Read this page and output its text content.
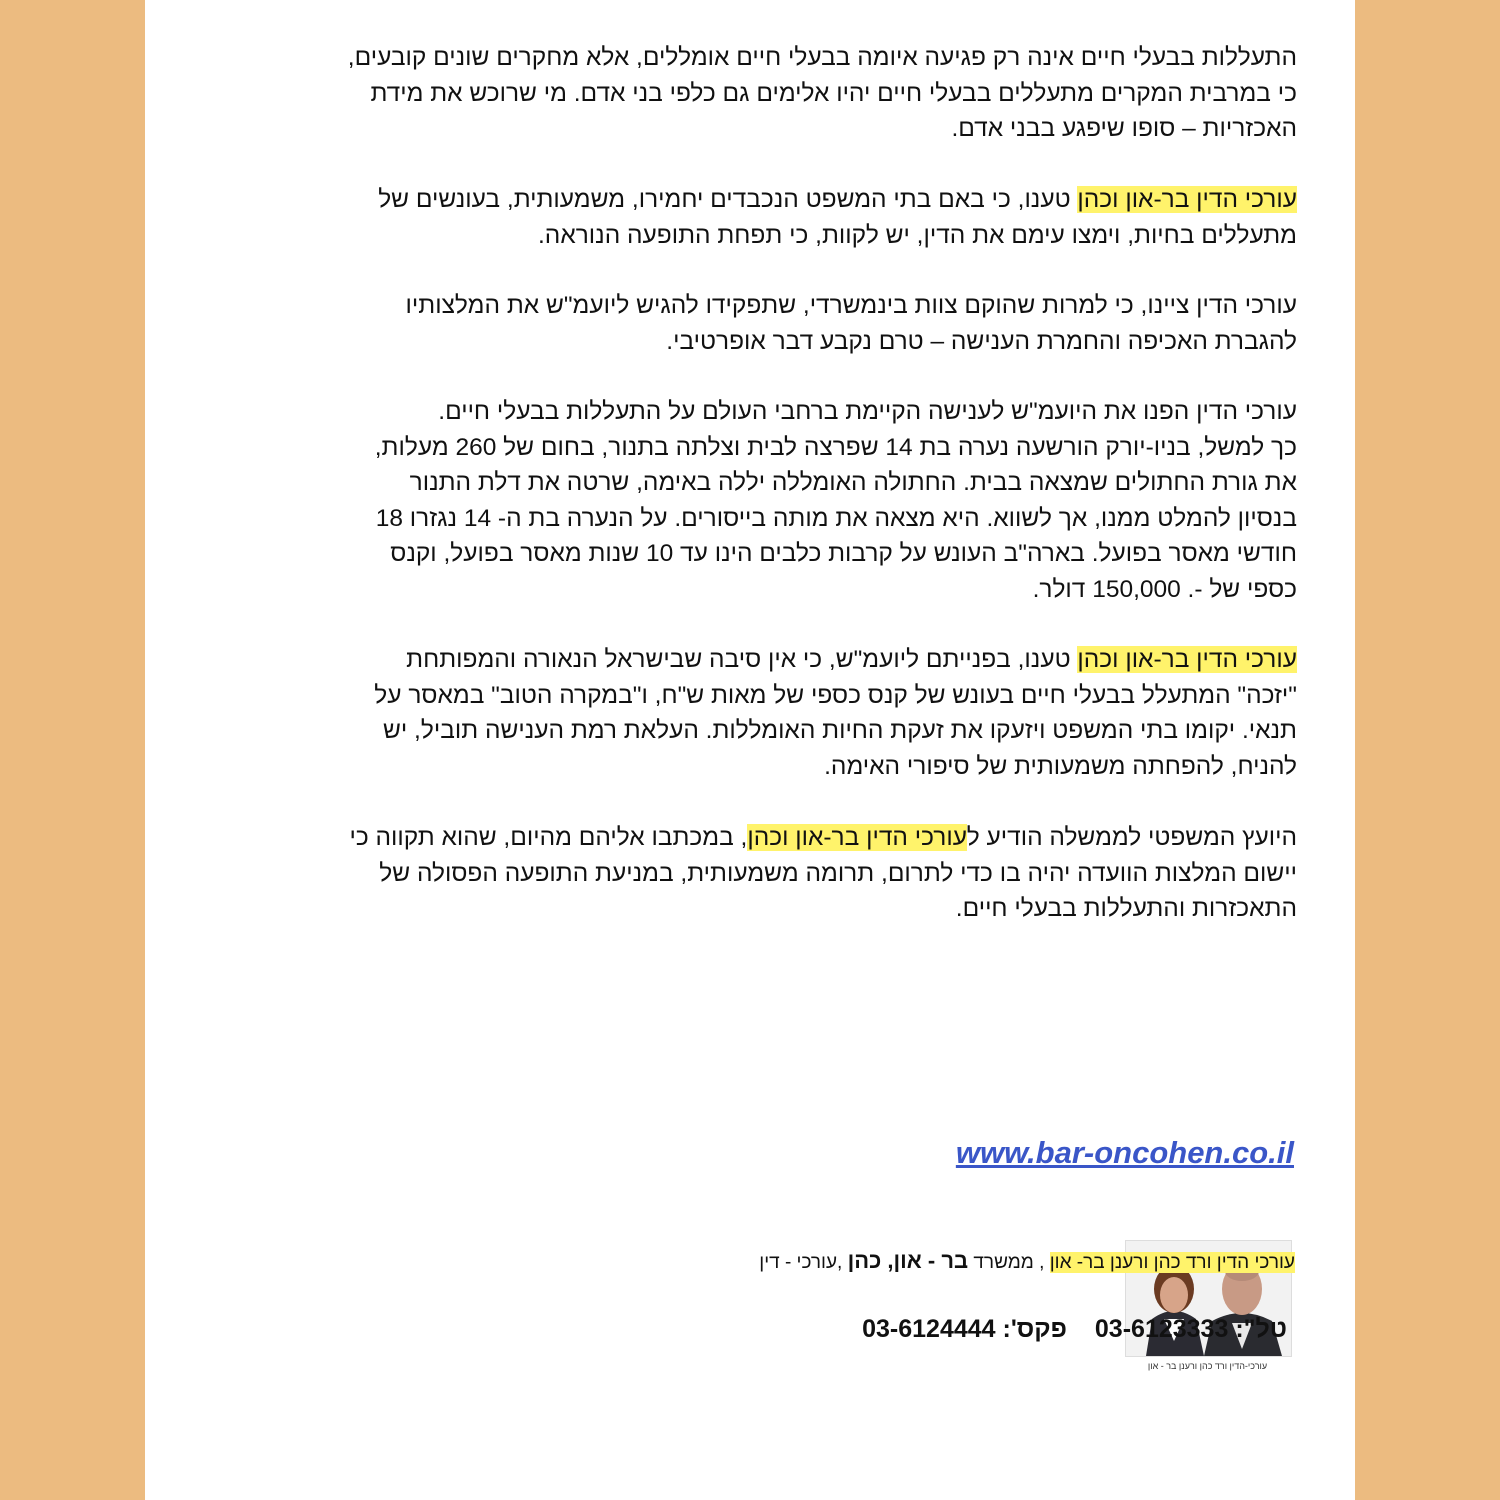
התעללות בבעלי חיים אינה רק פגיעה איומה בבעלי חיים אומללים, אלא מחקרים שונים קובעים,
כי במרבית המקרים מתעללים בבעלי חיים יהיו אלימים גם כלפי בני אדם. מי שרוכש את מידת
האכזריות – סופו שיפגע בבני אדם.
עורכי הדין בר-און וכהן טענו, כי באם בתי המשפט הנכבדים יחמירו, משמעותית, בעונשים של
מתעללים בחיות, וימצו עימם את הדין, יש לקוות, כי תפחת התופעה הנוראה.
עורכי הדין ציינו, כי למרות שהוקם צוות בינמשרדי, שתפקידו להגיש ליועמ"ש את המלצותיו
להגברת האכיפה והחמרת הענישה – טרם נקבע דבר אופרטיבי.
עורכי הדין הפנו את היועמ"ש לענישה הקיימת ברחבי העולם על התעללות בבעלי חיים.
כך למשל, בניו-יורק הורשעה נערה בת 14 שפרצה לבית וצלתה בתנור, בחום של 260 מעלות,
את גורת החתולים שמצאה בבית. החתולה האומללה יללה באימה, שרטה את דלת התנור
בנסיון להמלט ממנו, אך לשווא. היא מצאה את מותה בייסורים. על הנערה בת ה- 14 נגזרו 18
חודשי מאסר בפועל. בארה"ב העונש על קרבות כלבים הינו עד 10 שנות מאסר בפועל, וקנס
כספי של -. 150,000 דולר.
עורכי הדין בר-און וכהן טענו, בפנייתם ליועמ"ש, כי אין סיבה שבישראל הנאורה והמפותחת
"יזכה" המתעלל בבעלי חיים בעונש של קנס כספי של מאות ש"ח, ו"במקרה הטוב" במאסר על
תנאי. יקומו בתי המשפט ויזעקו את זעקת החיות האומללות. העלאת רמת הענישה תוביל, יש
להניח, להפחתה משמעותית של סיפורי האימה.
היועץ המשפטי לממשלה הודיע לעורכי הדין בר-און וכהן, במכתבו אליהם מהיום, שהוא תקווה כי
יישום המלצות הוועדה יהיה בו כדי לתרום, תרומה משמעותית, במניעת התופעה הפסולה של
התאכזרות והתעללות בבעלי חיים.
www.bar-oncohen.co.il
עורכי-הדין ורד כהן ורענן בר - און
עורכי הדין ורד כהן ורענן בר- און , ממשרד בר - און, כהן ,עורכי - דין
טל": 03-6123333פקס': 03-6124444
